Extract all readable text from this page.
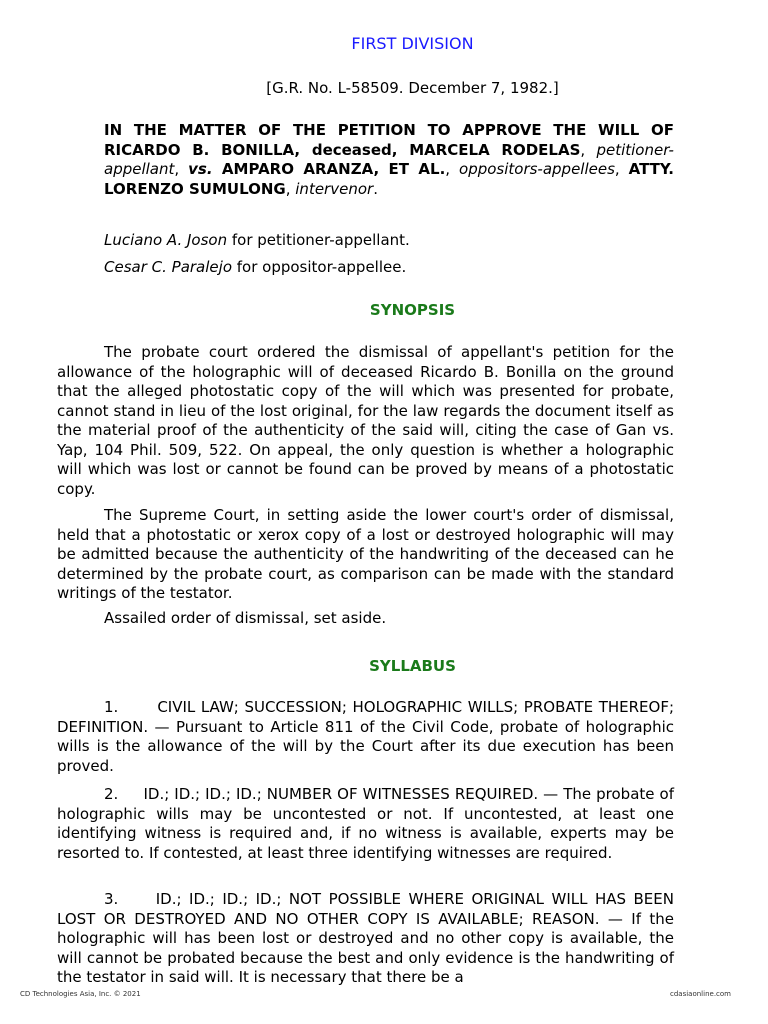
FIRST DIVISION
[G.R. No. L-58509. December 7, 1982.]
IN THE MATTER OF THE PETITION TO APPROVE THE WILL OF RICARDO B. BONILLA, deceased, MARCELA RODELAS, petitioner-appellant, vs. AMPARO ARANZA, ET AL., oppositors-appellees, ATTY. LORENZO SUMULONG, intervenor.
Luciano A. Joson for petitioner-appellant.
Cesar C. Paralejo for oppositor-appellee.
SYNOPSIS

The probate court ordered the dismissal of appellant's petition for the allowance of the holographic will of deceased Ricardo B. Bonilla on the ground that the alleged photostatic copy of the will which was presented for probate, cannot stand in lieu of the lost original, for the law regards the document itself as the material proof of the authenticity of the said will, citing the case of Gan vs. Yap, 104 Phil. 509, 522. On appeal, the only question is whether a holographic will which was lost or cannot be found can be proved by means of a photostatic copy.

The Supreme Court, in setting aside the lower court's order of dismissal, held that a photostatic or xerox copy of a lost or destroyed holographic will may be admitted because the authenticity of the handwriting of the deceased can he determined by the probate court, as comparison can be made with the standard writings of the testator.

Assailed order of dismissal, set aside.

SYLLABUS

1.       CIVIL LAW; SUCCESSION; HOLOGRAPHIC WILLS; PROBATE THEREOF; DEFINITION. — Pursuant to Article 811 of the Civil Code, probate of holographic wills is the allowance of the will by the Court after its due execution has been proved.

2.     ID.; ID.; ID.; ID.; NUMBER OF WITNESSES REQUIRED. — The probate of holographic wills may be uncontested or not. If uncontested, at least one identifying witness is required and, if no witness is available, experts may be resorted to. If contested, at least three identifying witnesses are required.

3.     ID.; ID.; ID.; ID.; NOT POSSIBLE WHERE ORIGINAL WILL HAS BEEN LOST OR DESTROYED AND NO OTHER COPY IS AVAILABLE; REASON. — If the holographic will has been lost or destroyed and no other copy is available, the will cannot be probated because the best and only evidence is the handwriting of the testator in said will. It is necessary that there be a

CD Technologies Asia, Inc. © 2021	cdasiaonline.com
